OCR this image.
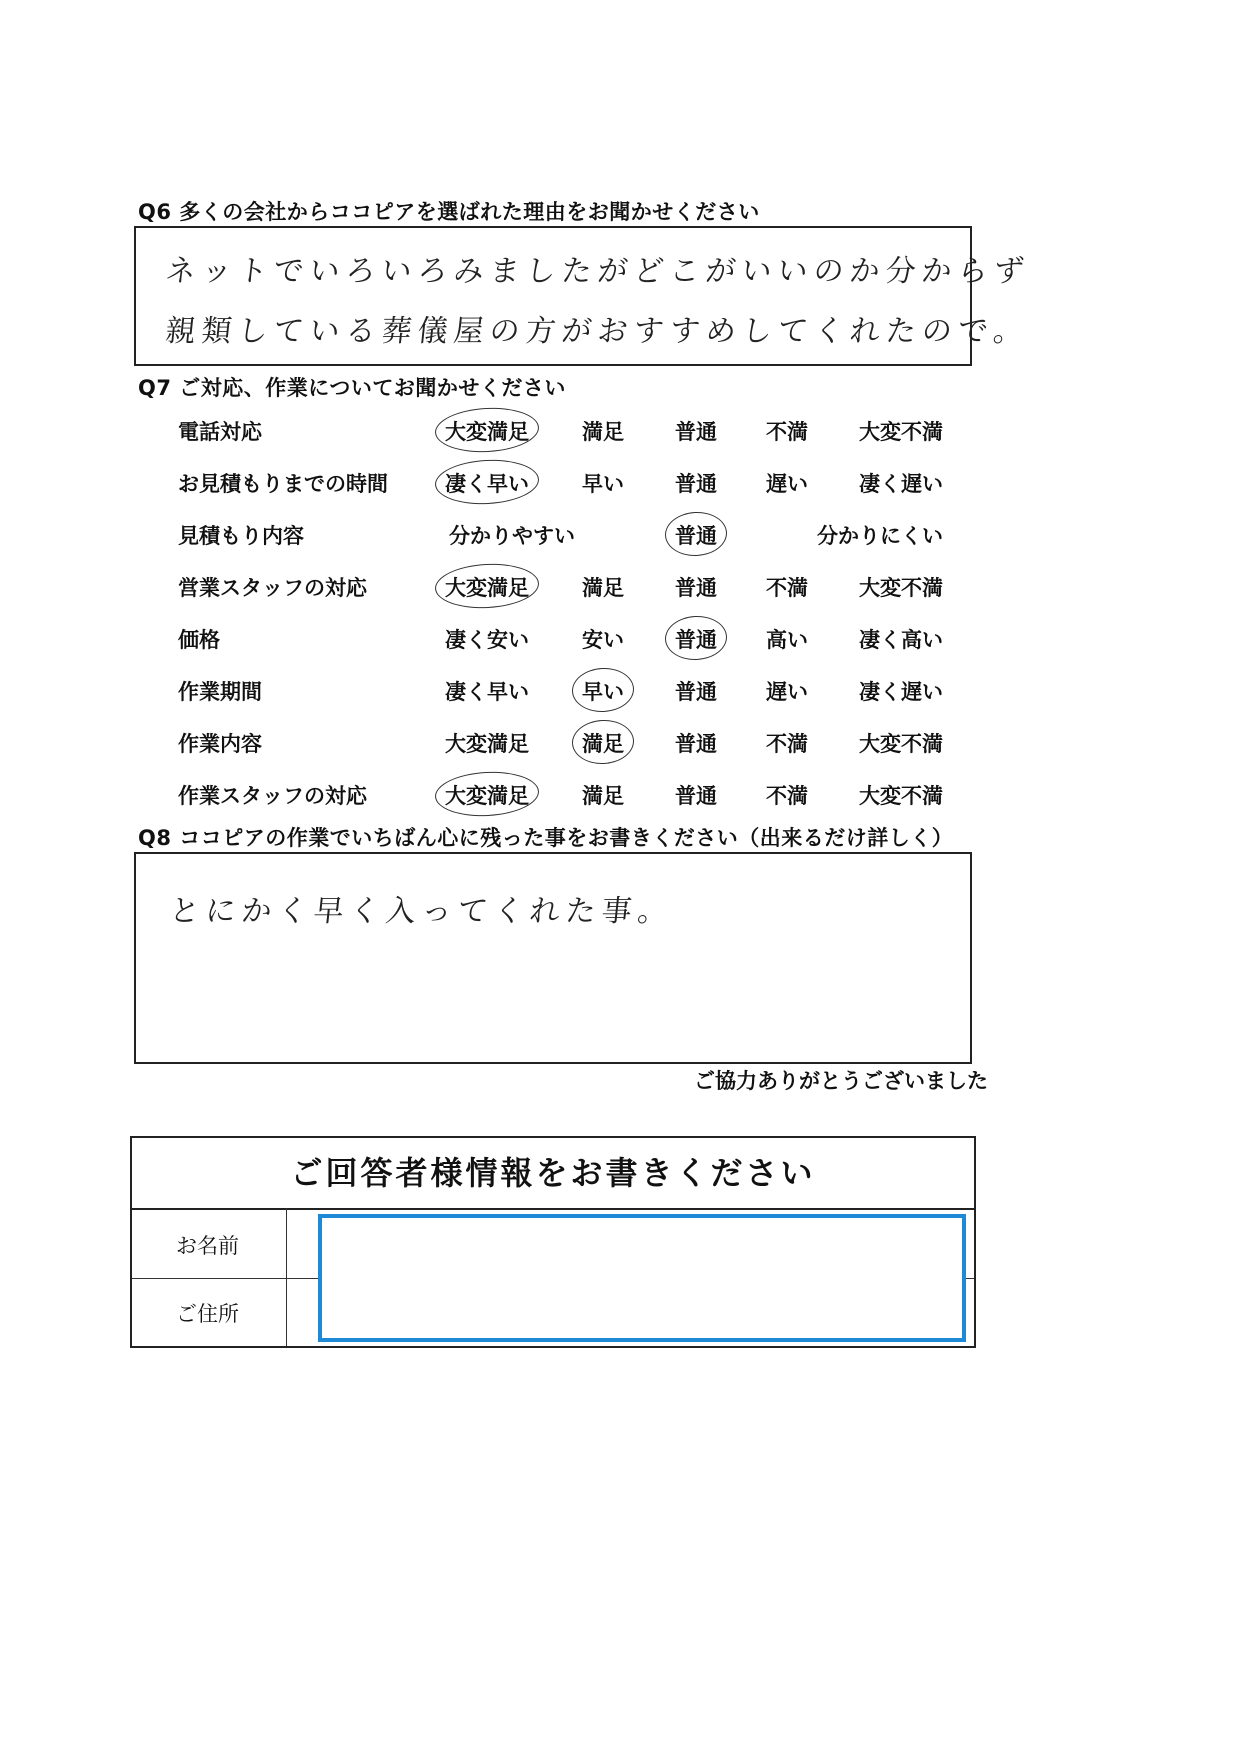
Q6 多くの会社からココピアを選ばれた理由をお聞かせください
ネットでいろいろみましたがどこがいいのか分からず
親類している葬儀屋の方がおすすめしてくれたので。
Q7 ご対応、作業についてお聞かせください
電話対応	大変満足	満足 普通 不満 大変不満
お見積もりまでの時間	凄く早い	早い 普通 遅い 凄く遅い
見積もり内容	分かりやすい	普通	分かりにくい
営業スタッフの対応	大変満足	満足 普通 不満 大変不満
価格	凄く安い	安い 普通 高い 凄く高い
作業期間	凄く早い	早い 普通 遅い 凄く遅い
作業内容	大変満足	満足 普通 不満 大変不満
作業スタッフの対応	大変満足	満足 普通 不満 大変不満
Q8 ココピアの作業でいちばん心に残った事をお書きください（出来るだけ詳しく）
とにかく早く入ってくれた事。
ご協力ありがとうございました
ご回答者様情報をお書きください
お名前
ご住所
